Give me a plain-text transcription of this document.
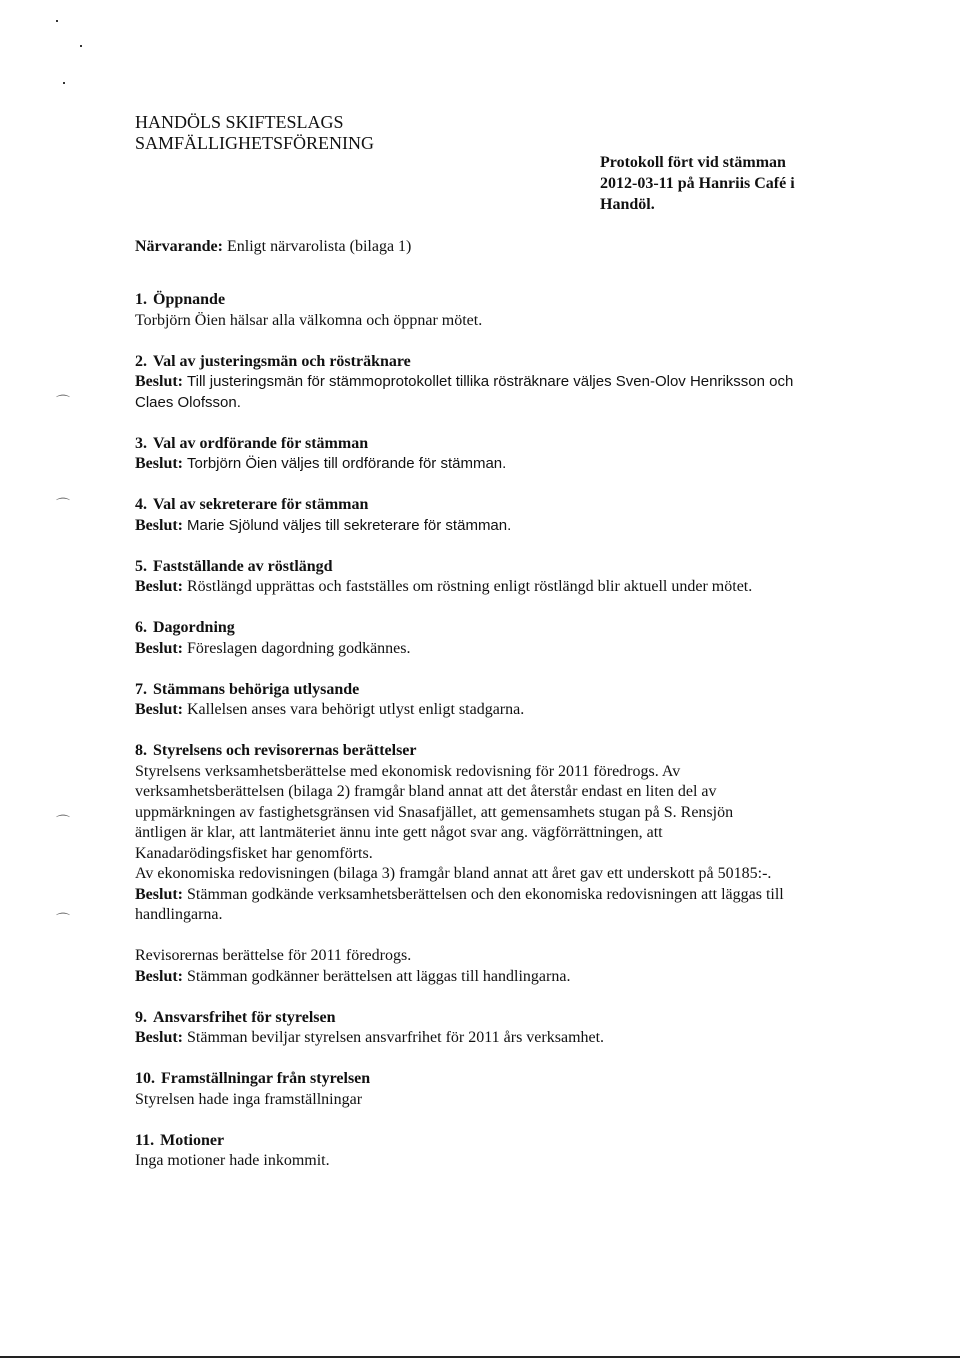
⌒
⌒
⌒
⌒
HANDÖLS SKIFTESLAGS
SAMFÄLLIGHETSFÖRENING
Protokoll fört vid stämman
2012-03-11 på Hanriis Café i
Handöl.
Närvarande: Enligt närvarolista (bilaga 1)
1. Öppnande
Torbjörn Öien hälsar alla välkomna och öppnar mötet.
2. Val av justeringsmän och rösträknare
Beslut: Till justeringsmän för stämmoprotokollet tillika rösträknare väljes Sven-Olov Henriksson och
Claes Olofsson.
3. Val av ordförande för stämman
Beslut: Torbjörn Öien väljes till ordförande för stämman.
4. Val av sekreterare för stämman
Beslut: Marie Sjölund väljes till sekreterare för stämman.
5. Fastställande av röstlängd
Beslut: Röstlängd upprättas och fastställes om röstning enligt röstlängd blir aktuell under mötet.
6. Dagordning
Beslut: Föreslagen dagordning godkännes.
7. Stämmans behöriga utlysande
Beslut: Kallelsen anses vara behörigt utlyst enligt stadgarna.
8. Styrelsens och revisorernas berättelser
Styrelsens verksamhetsberättelse med ekonomisk redovisning för 2011 föredrogs. Av
verksamhetsberättelsen (bilaga 2) framgår bland annat att det återstår endast en liten del av
uppmärkningen av fastighetsgränsen vid Snasafjället, att gemensamhets stugan på S. Rensjön
äntligen är klar, att lantmäteriet ännu inte gett något svar ang. vägförrättningen, att
Kanadarödingsfisket har genomförts.
Av ekonomiska redovisningen (bilaga 3) framgår bland annat att året gav ett underskott på 50185:-.
Beslut: Stämman godkände verksamhetsberättelsen och den ekonomiska redovisningen att läggas till
handlingarna.
Revisorernas berättelse för 2011 föredrogs.
Beslut: Stämman godkänner berättelsen att läggas till handlingarna.
9. Ansvarsfrihet för styrelsen
Beslut: Stämman beviljar styrelsen ansvarfrihet för 2011 års verksamhet.
10. Framställningar från styrelsen
Styrelsen hade inga framställningar
11. Motioner
Inga motioner hade inkommit.
